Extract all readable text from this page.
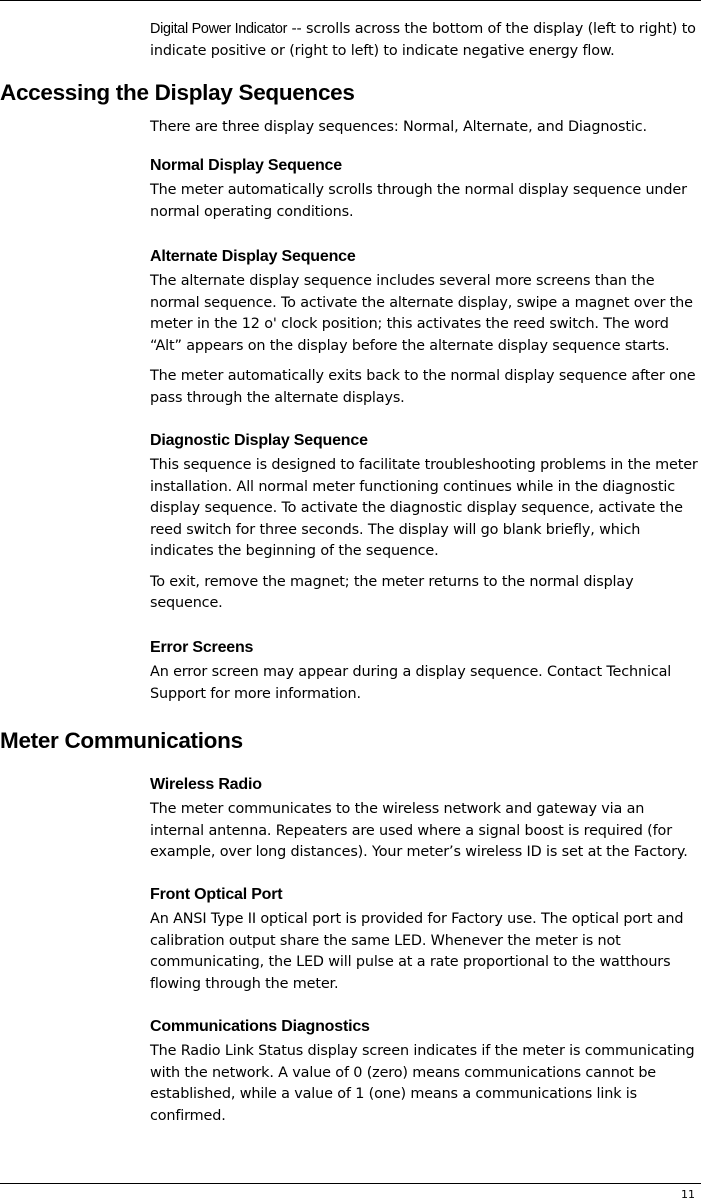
Digital Power Indicator -- scrolls across the bottom of the display (left to right) to indicate positive or (right to left) to indicate negative energy flow.
Accessing the Display Sequences

There are three display sequences: Normal, Alternate, and Diagnostic.

Normal Display Sequence

The meter automatically scrolls through the normal display sequence under normal operating conditions.

Alternate Display Sequence

The alternate display sequence includes several more screens than the normal sequence. To activate the alternate display, swipe a magnet over the meter in the 12 o' clock position; this activates the reed switch. The word “Alt” appears on the display before the alternate display sequence starts.

The meter automatically exits back to the normal display sequence after one pass through the alternate displays.

Diagnostic Display Sequence

This sequence is designed to facilitate troubleshooting problems in the meter installation. All normal meter functioning continues while in the diagnostic display sequence. To activate the diagnostic display sequence, activate the reed switch for three seconds. The display will go blank briefly, which indicates the beginning of the sequence.

To exit, remove the magnet; the meter returns to the normal display sequence.

Error Screens

An error screen may appear during a display sequence. Contact Technical Support for more information.

Meter Communications
Wireless Radio

The meter communicates to the wireless network and gateway via an internal antenna. Repeaters are used where a signal boost is required (for example, over long distances). Your meter’s wireless ID is set at the Factory.

Front Optical Port

An ANSI Type II optical port is provided for Factory use. The optical port and calibration output share the same LED. Whenever the meter is not communicating, the LED will pulse at a rate proportional to the watthours flowing through the meter.

Communications Diagnostics

The Radio Link Status display screen indicates if the meter is communicating with the network. A value of 0 (zero) means communications cannot be established, while a value of 1 (one) means a communications link is confirmed.

11
